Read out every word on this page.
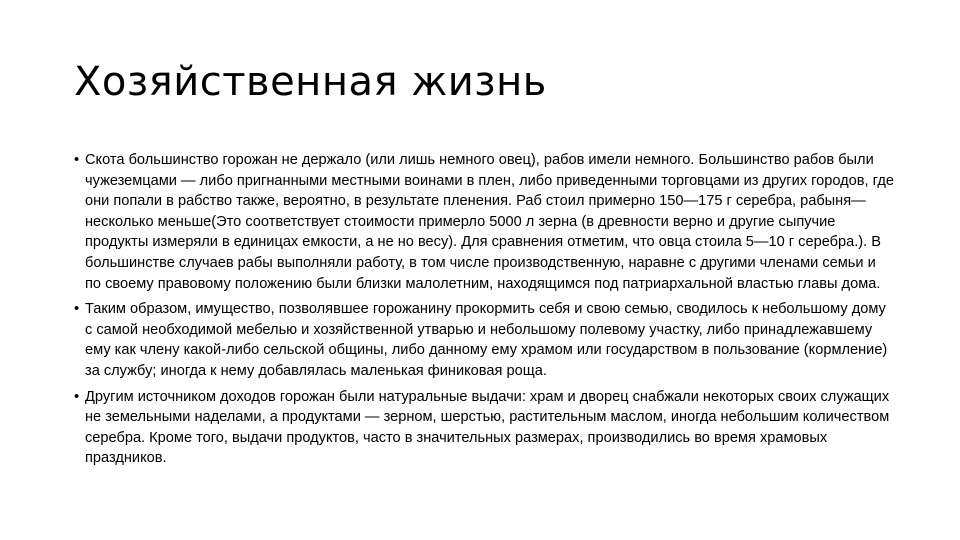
Хозяйственная жизнь
• Скота большинство горожан не держало (или лишь немного овец), рабов имели немного. Большинство рабов были чужеземцами — либо пригнанными местными воинами в плен, либо приведенными торговцами из других городов, где они попали в рабство также, вероятно, в результате пленения. Раб стоил примерно 150—175 г серебра, рабыня—несколько меньше(Это соответствует стоимости примерло 5000 л зерна (в древности верно и другие сыпучие продукты измеряли в единицах емкости, а не но весу). Для сравнения отметим, что овца стоила 5—10 г серебра.). В большинстве случаев рабы выполняли работу, в том числе производственную, наравне с другими членами семьи и по своему правовому положению были близки малолетним, находящимся под патриархальной властью главы дома.
• Таким образом, имущество, позволявшее горожанину прокормить себя и свою семью, сводилось к небольшому дому с самой необходимой мебелью и хозяйственной утварью и небольшому полевому участку, либо принадлежавшему ему как члену какой-либо сельской общины, либо данному ему храмом или государством в пользование (кормление) за службу; иногда к нему добавлялась маленькая финиковая роща.
• Другим источником доходов горожан были натуральные выдачи: храм и дворец снабжали некоторых своих служащих не земельными наделами, а продуктами — зерном, шерстью, растительным маслом, иногда небольшим количеством серебра. Кроме того, выдачи продуктов, часто в значительных размерах, производились во время храмовых праздников.
